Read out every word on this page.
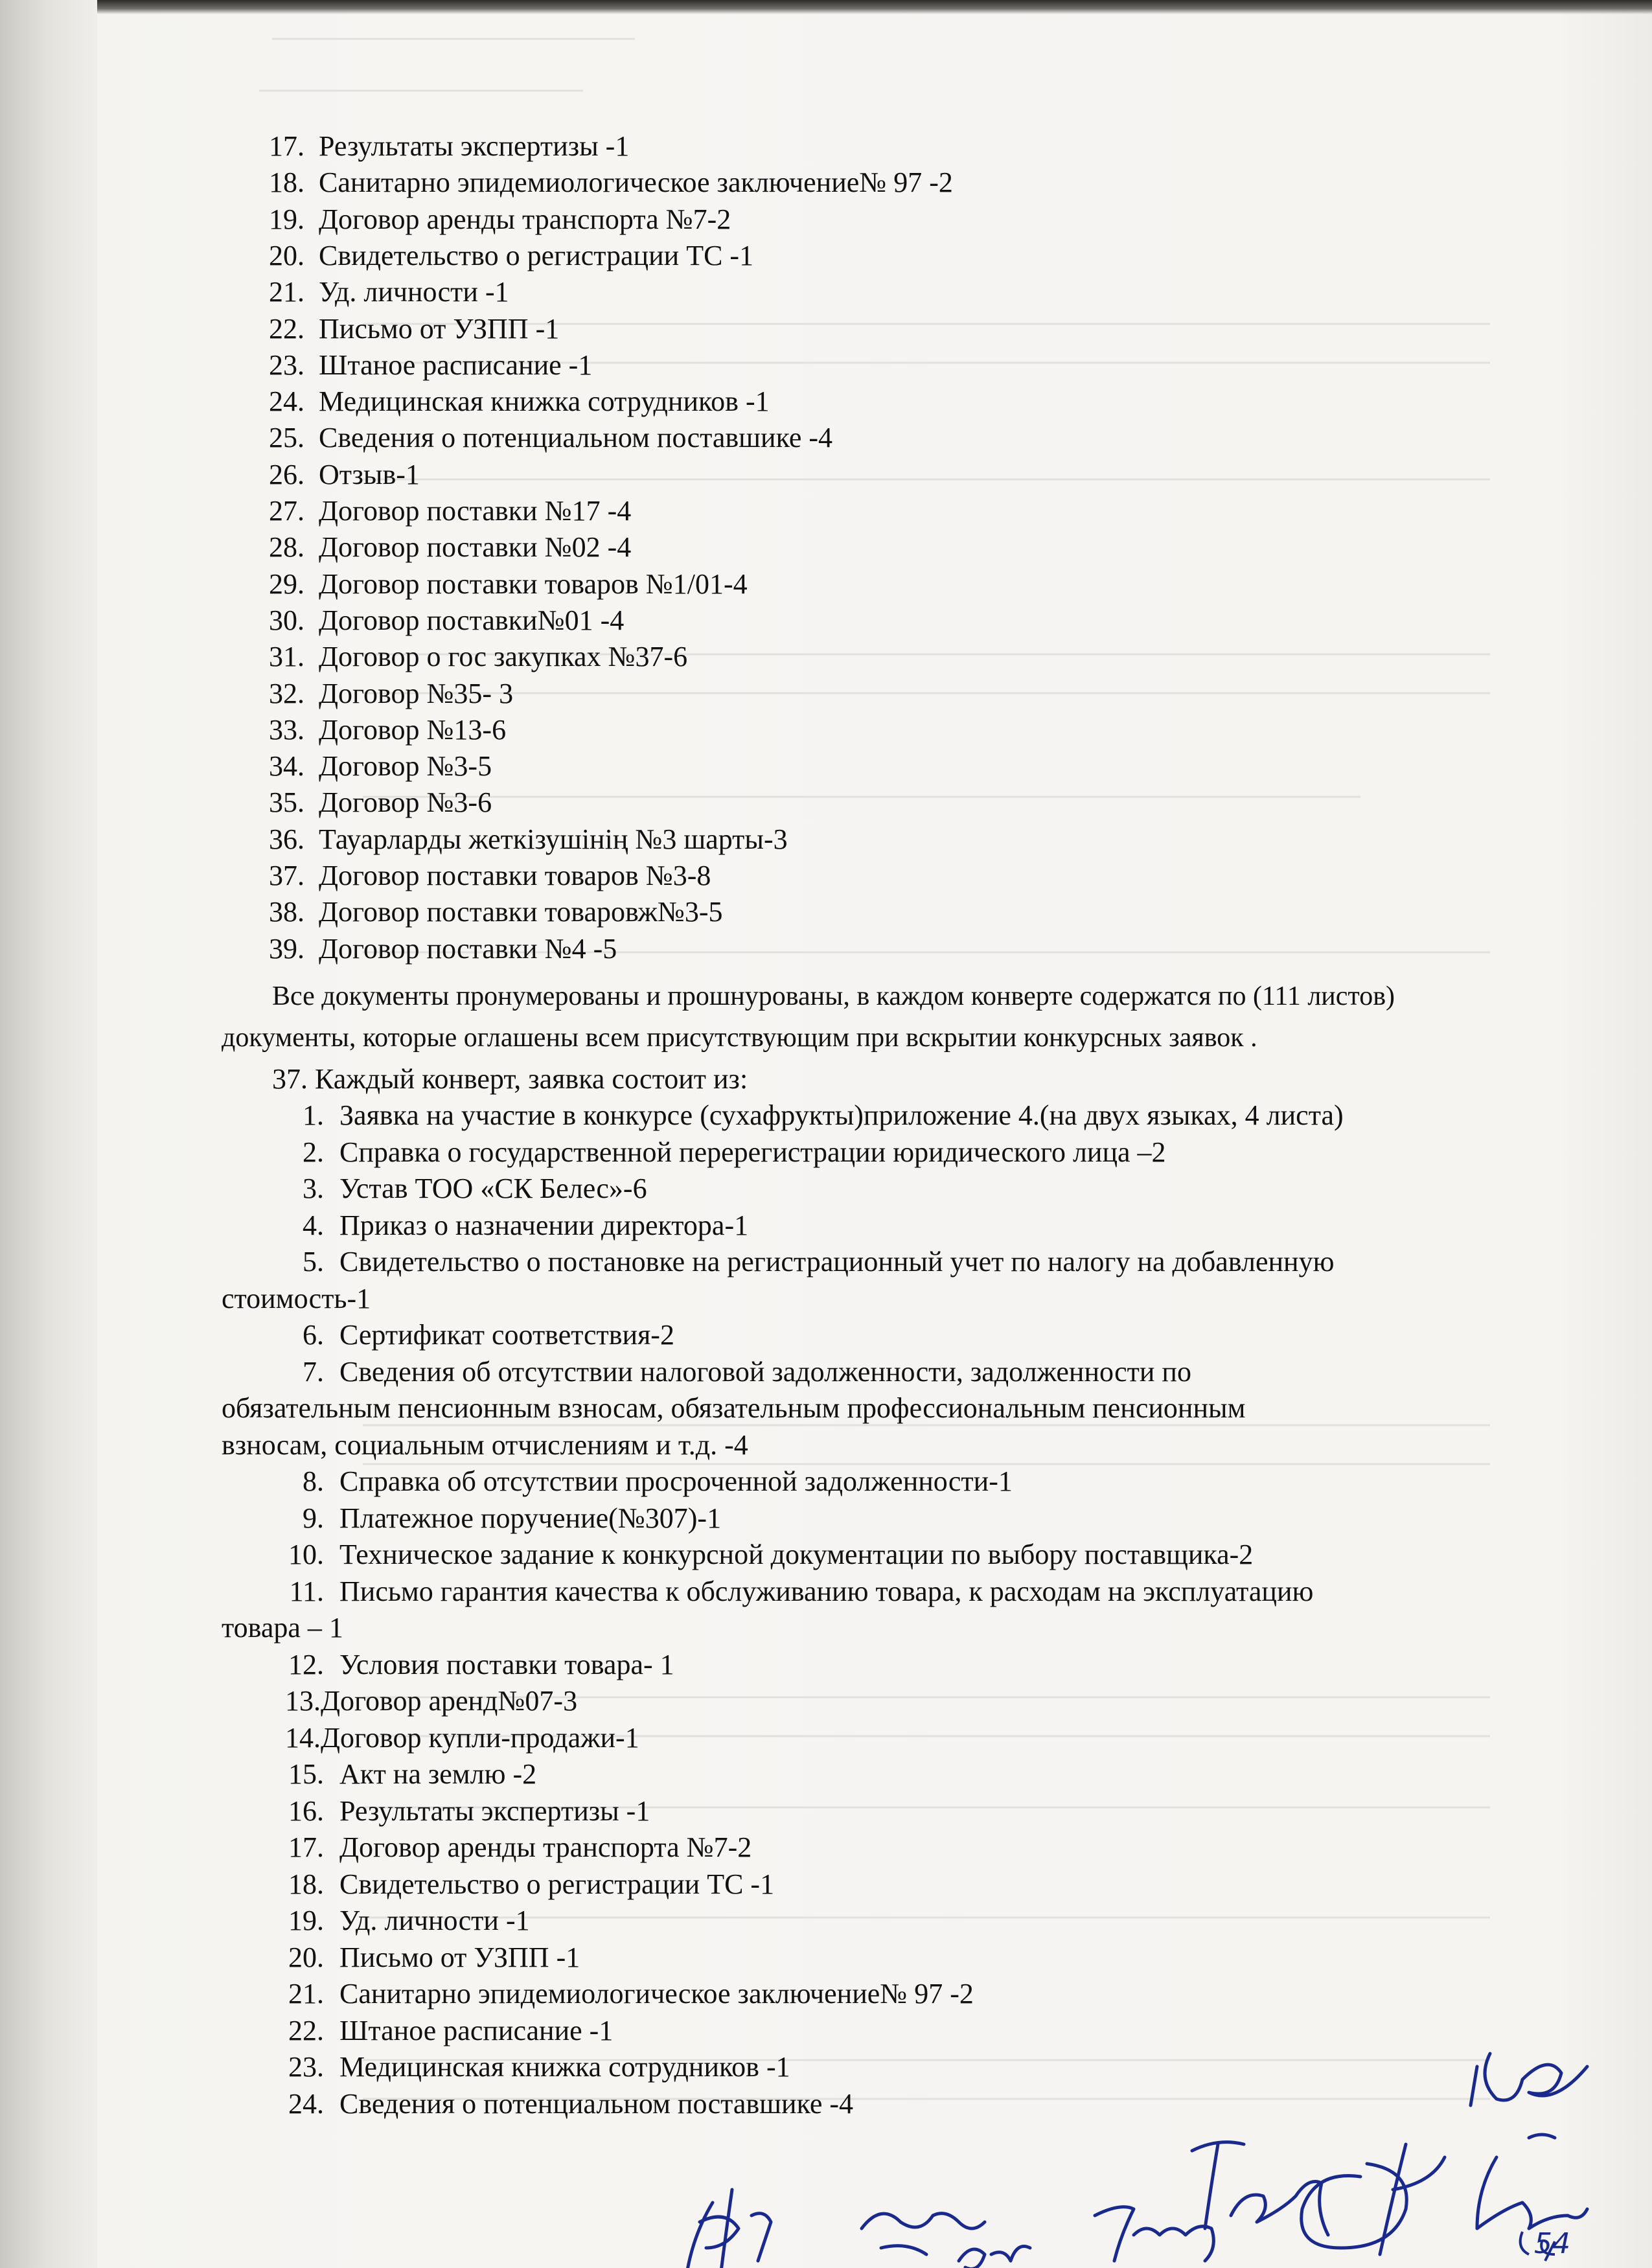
17. Результаты экспертизы -1
18. Санитарно эпидемиологическое заключение№ 97 -2
19. Договор аренды транспорта №7-2
20. Свидетельство о регистрации ТС -1
21. Уд. личности -1
22. Письмо от УЗПП -1
23. Штаное расписание -1
24. Медицинская книжка сотрудников -1
25. Сведения о потенциальном поставшике -4
26. Отзыв-1
27. Договор поставки №17 -4
28. Договор поставки №02 -4
29. Договор поставки товаров №1/01-4
30. Договор поставки№01 -4
31. Договор о гос закупках №37-6
32. Договор №35- 3
33. Договор №13-6
34. Договор №3-5
35. Договор №3-6
36. Тауарларды жеткізушінің №3 шарты-3
37. Договор поставки товаров №3-8
38. Договор поставки товаровж№3-5
39. Договор поставки №4 -5
Все документы пронумерованы и прошнурованы, в каждом конверте содержатся по (111 листов)
документы, которые оглашены всем присутствующим при вскрытии конкурсных заявок .
37. Каждый конверт, заявка состоит из:
1. Заявка на участие в конкурсе (сухафрукты)приложение 4.(на двух языках, 4 листа)
2. Справка о государственной перерегистрации юридического лица –2
3. Устав ТОО «СК Белес»-6
4. Приказ о назначении директора-1
5. Свидетельство о постановке на регистрационный учет по налогу на добавленную
стоимость-1
6. Сертификат соответствия-2
7. Сведения об отсутствии налоговой задолженности, задолженности по
обязательным пенсионным взносам, обязательным профессиональным пенсионным
взносам, социальным отчислениям и т.д. -4
8. Справка об отсутствии просроченной задолженности-1
9. Платежное поручение(№307)-1
10. Техническое задание к конкурсной документации по выбору поставщика-2
11. Письмо гарантия качества к обслуживанию товара, к расходам на эксплуатацию
товара – 1
12. Условия поставки товара- 1
13.Договор аренд№07-3
14.Договор купли-продажи-1
15. Акт на землю -2
16. Результаты экспертизы -1
17. Договор аренды транспорта №7-2
18. Свидетельство о регистрации ТС -1
19. Уд. личности -1
20. Письмо от УЗПП -1
21. Санитарно эпидемиологическое заключение№ 97 -2
22. Штаное расписание -1
23. Медицинская книжка сотрудников -1
24. Сведения о потенциальном поставшике -4
54
